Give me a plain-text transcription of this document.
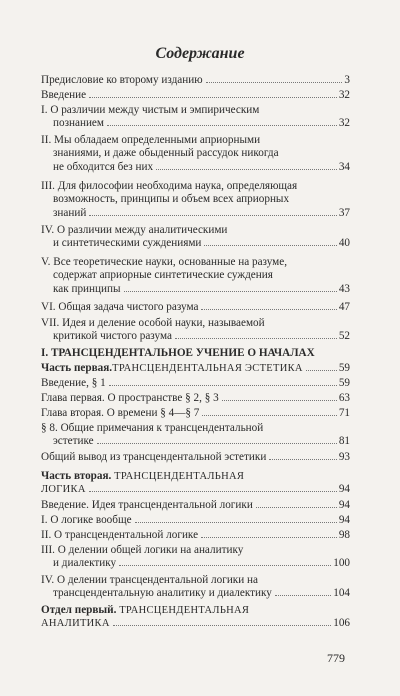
Содержание
Предисловие ко второму изданию	3
Введение	32
I. О различии между чистым и эмпирическим
познанием	32
II. Мы обладаем определенными априорными
знаниями, и даже обыденный рассудок никогда
не обходится без них	34
III. Для философии необходима наука, определяющая
возможность, принципы и объем всех априорных
знаний	37
IV. О различии между аналитическими
и синтетическими суждениями	40
V. Все теоретические науки, основанные на разуме,
содержат априорные синтетические суждения
как принципы	43
VI. Общая задача чистого разума	47
VII. Идея и деление особой науки, называемой
критикой чистого разума	52
I. ТРАНСЦЕНДЕНТАЛЬНОЕ УЧЕНИЕ О НАЧАЛАХ
Часть первая. ТРАНСЦЕНДЕНТАЛЬНАЯ ЭСТЕТИКА	59
Введение, § 1	59
Глава первая. О пространстве § 2, § 3	63
Глава вторая. О времени § 4—§ 7	71
§ 8. Общие примечания к трансцендентальной
эстетике	81
Общий вывод из трансцендентальной эстетики	93
Часть вторая. ТРАНСЦЕНДЕНТАЛЬНАЯ
ЛОГИКА	94
Введение. Идея трансцендентальной логики	94
I. О логике вообще	94
II. О трансцендентальной логике	98
III. О делении общей логики на аналитику
и диалектику	100
IV. О делении трансцендентальной логики на
трансцендентальную аналитику и диалектику	104
Отдел первый. ТРАНСЦЕНДЕНТАЛЬНАЯ
АНАЛИТИКА	106
779
